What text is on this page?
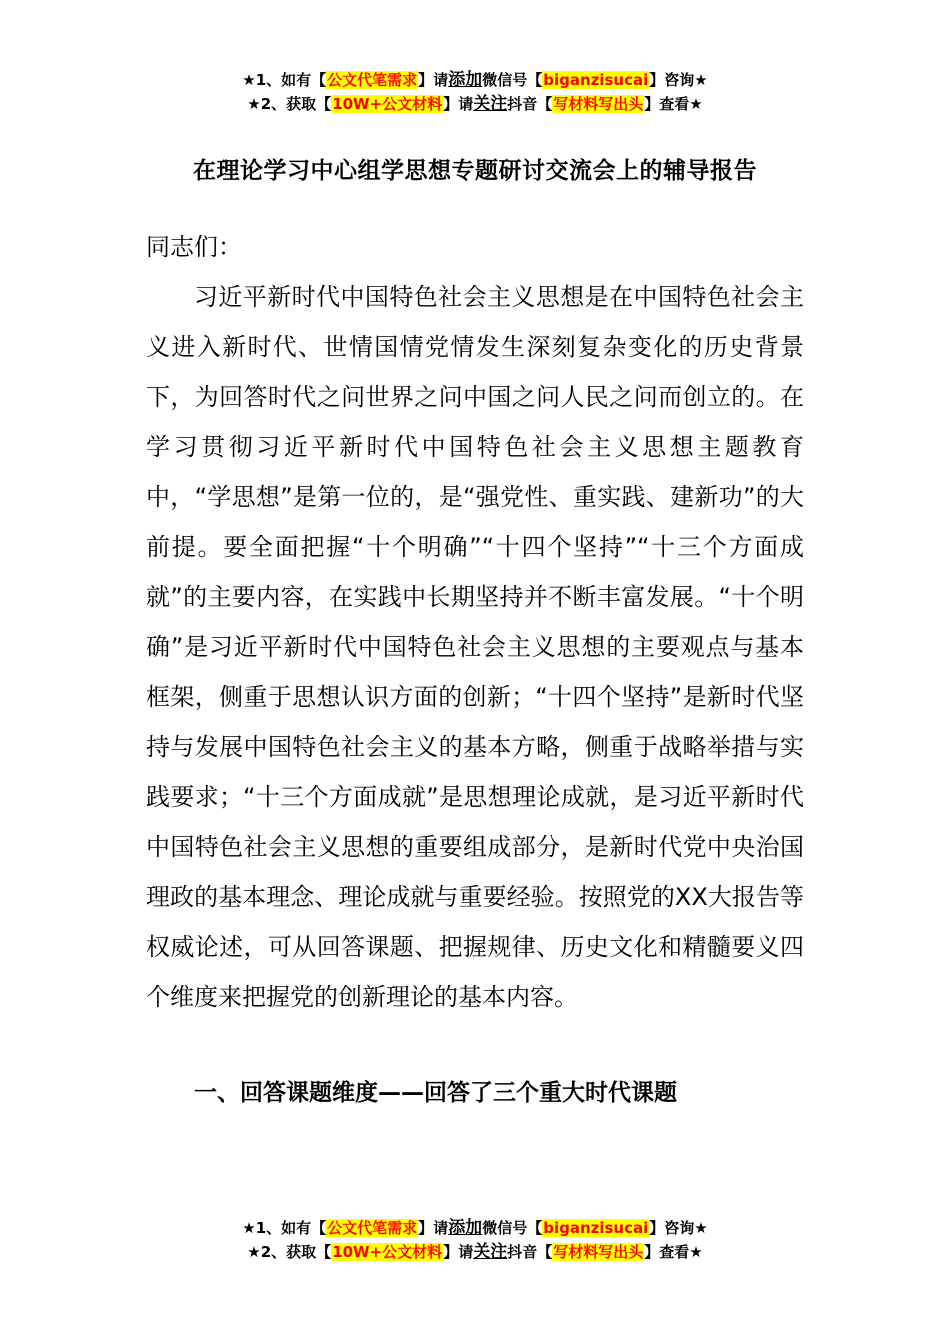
★1、如有【公文代笔需求】请添加微信号【biganzisucai】咨询★
★2、获取【10W+公文材料】请关注抖音【写材料写出头】查看★
在理论学习中心组学思想专题研讨交流会上的辅导报告
同志们：
习近平新时代中国特色社会主义思想是在中国特色社会主义进入新时代、世情国情党情发生深刻复杂变化的历史背景下，为回答时代之问世界之问中国之问人民之问而创立的。在学习贯彻习近平新时代中国特色社会主义思想主题教育中，“学思想”是第一位的，是“强党性、重实践、建新功”的大前提。要全面把握“十个明确”“十四个坚持”“十三个方面成就”的主要内容，在实践中长期坚持并不断丰富发展。“十个明确”是习近平新时代中国特色社会主义思想的主要观点与基本框架，侧重于思想认识方面的创新；“十四个坚持”是新时代坚持与发展中国特色社会主义的基本方略，侧重于战略举措与实践要求；“十三个方面成就”是思想理论成就，是习近平新时代中国特色社会主义思想的重要组成部分，是新时代党中央治国理政的基本理念、理论成就与重要经验。按照党的XX大报告等权威论述，可从回答课题、把握规律、历史文化和精髓要义四个维度来把握党的创新理论的基本内容。
一、回答课题维度——回答了三个重大时代课题
★1、如有【公文代笔需求】请添加微信号【biganzisucai】咨询★
★2、获取【10W+公文材料】请关注抖音【写材料写出头】查看★
